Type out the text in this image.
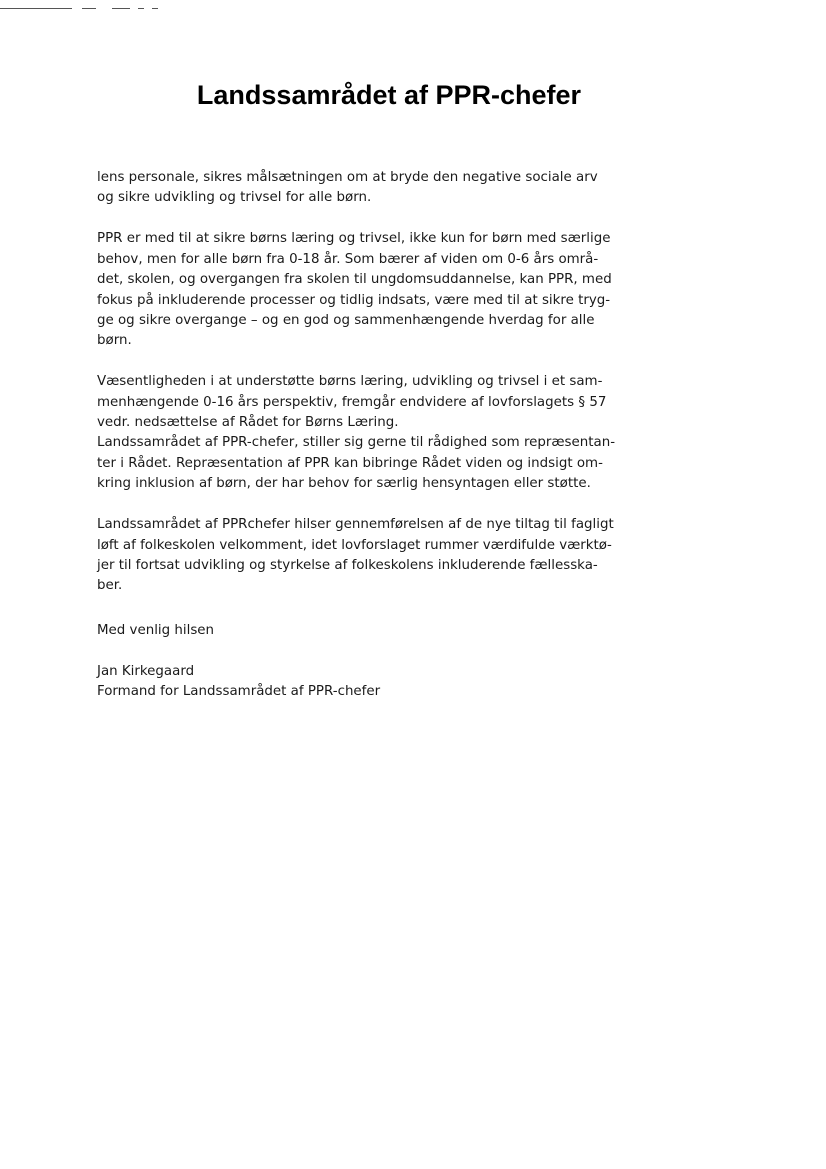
Landssamrådet af PPR-chefer

lens personale, sikres målsætningen om at bryde den negative sociale arv
og sikre udvikling og trivsel for alle børn.

PPR er med til at sikre børns læring og trivsel, ikke kun for børn med særlige
behov, men for alle børn fra 0-18 år. Som bærer af viden om 0-6 års områ-
det, skolen, og overgangen fra skolen til ungdomsuddannelse, kan PPR, med
fokus på inkluderende processer og tidlig indsats, være med til at sikre tryg-
ge og sikre overgange – og en god og sammenhængende hverdag for alle
børn.

Væsentligheden i at understøtte børns læring, udvikling og trivsel i et sam-
menhængende 0-16 års perspektiv, fremgår endvidere af lovforslagets § 57
vedr. nedsættelse af Rådet for Børns Læring.
Landssamrådet af PPR-chefer, stiller sig gerne til rådighed som repræsentan-
ter i Rådet. Repræsentation af PPR kan bibringe Rådet viden og indsigt om-
kring inklusion af børn, der har behov for særlig hensyntagen eller støtte.

Landssamrådet af PPRchefer hilser gennemførelsen af de nye tiltag til fagligt
løft af folkeskolen velkomment, idet lovforslaget rummer værdifulde værktø-
jer til fortsat udvikling og styrkelse af folkeskolens inkluderende fællesska-
ber.

Med venlig hilsen

Jan Kirkegaard
Formand for Landssamrådet af PPR-chefer
